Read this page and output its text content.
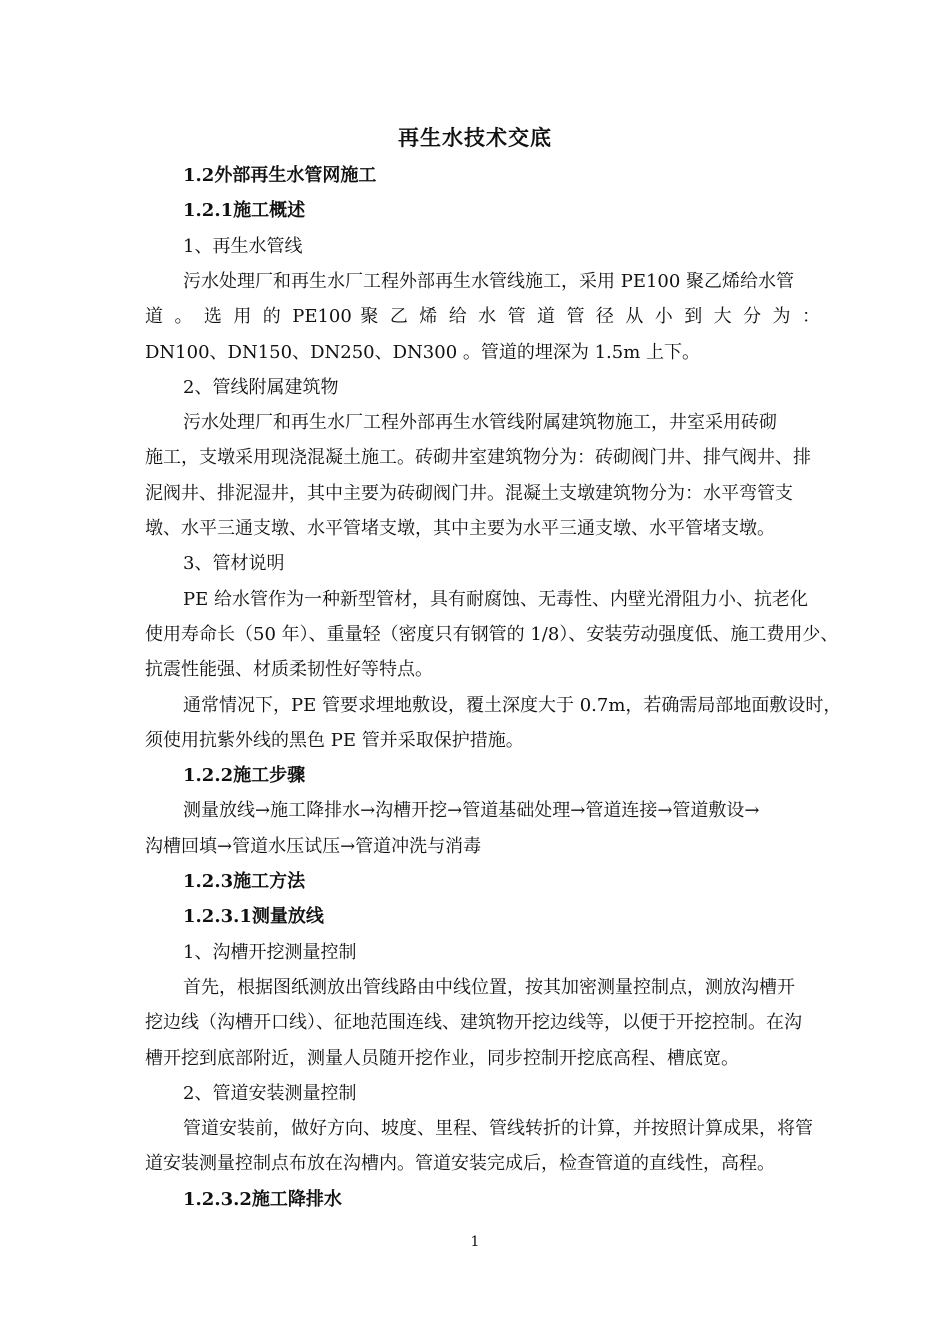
再生水技术交底
1.2外部再生水管网施工
1.2.1施工概述
1、再生水管线
污水处理厂和再生水厂工程外部再生水管线施工，采用 PE100 聚乙烯给水管
道 。 选 用 的 PE100 聚 乙 烯 给 水 管 道 管 径 从 小 到 大 分 为 ：
DN100、DN150、DN250、DN300 。管道的埋深为 1.5m 上下。
2、管线附属建筑物
污水处理厂和再生水厂工程外部再生水管线附属建筑物施工，井室采用砖砌
施工，支墩采用现浇混凝土施工。砖砌井室建筑物分为：砖砌阀门井、排气阀井、排
泥阀井、排泥湿井，其中主要为砖砌阀门井。混凝土支墩建筑物分为：水平弯管支
墩、水平三通支墩、水平管堵支墩，其中主要为水平三通支墩、水平管堵支墩。
3、管材说明
PE 给水管作为一种新型管材，具有耐腐蚀、无毒性、内壁光滑阻力小、抗老化
使用寿命长（50 年）、重量轻（密度只有钢管的 1/8）、安装劳动强度低、施工费用少、
抗震性能强、材质柔韧性好等特点。
通常情况下，PE 管要求埋地敷设，覆土深度大于 0.7m，若确需局部地面敷设时，
须使用抗紫外线的黑色 PE 管并采取保护措施。
1.2.2施工步骤
测量放线→施工降排水→沟槽开挖→管道基础处理→管道连接→管道敷设→
沟槽回填→管道水压试压→管道冲洗与消毒
1.2.3施工方法
1.2.3.1测量放线
1、沟槽开挖测量控制
首先，根据图纸测放出管线路由中线位置，按其加密测量控制点，测放沟槽开
挖边线（沟槽开口线）、征地范围连线、建筑物开挖边线等，以便于开挖控制。在沟
槽开挖到底部附近，测量人员随开挖作业，同步控制开挖底高程、槽底宽。
2、管道安装测量控制
管道安装前，做好方向、坡度、里程、管线转折的计算，并按照计算成果，将管
道安装测量控制点布放在沟槽内。管道安装完成后，检查管道的直线性，高程。
1.2.3.2施工降排水
1
